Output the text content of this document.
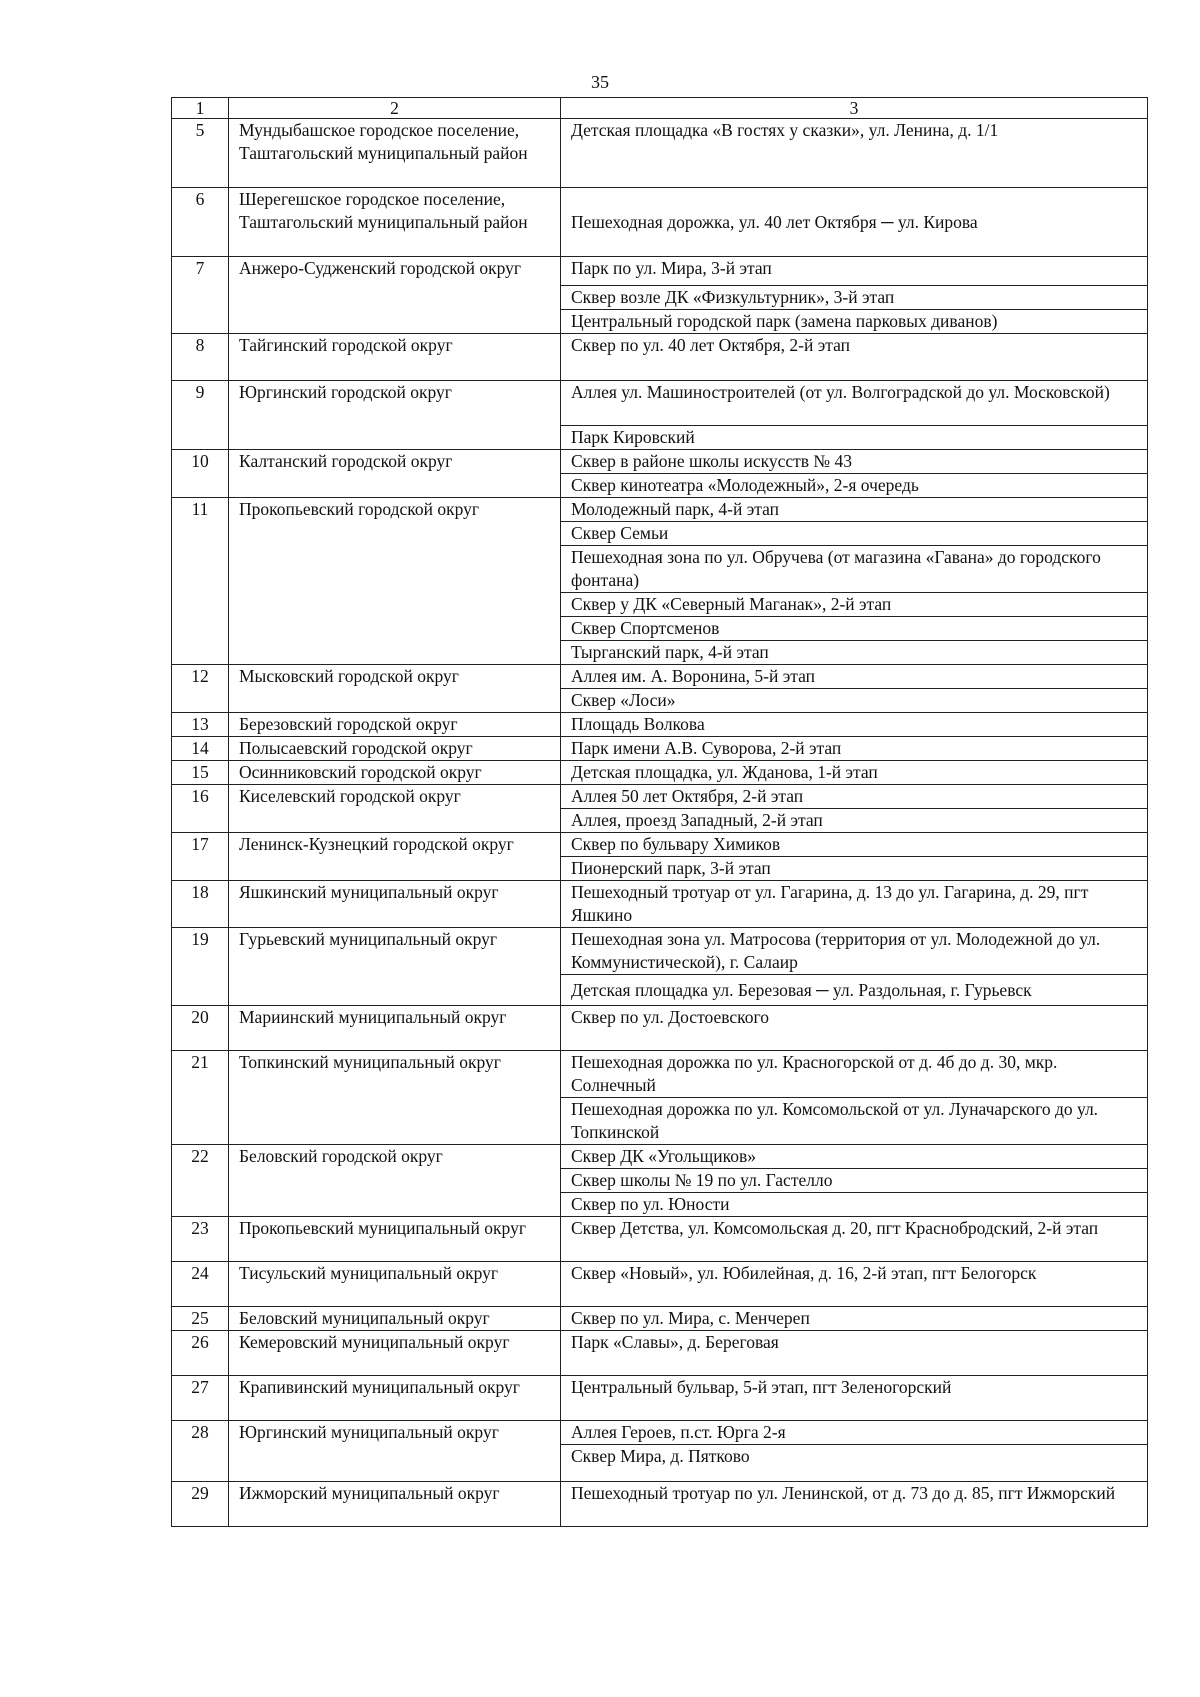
35
1	2	3
5	Мундыбашское городское поселение, Таштагольский муниципальный район	Детская площадка «В гостях у сказки», ул. Ленина, д. 1/1
6	Шерегешское городское поселение, Таштагольский муниципальный район	Пешеходная дорожка, ул. 40 лет Октября ─ ул. Кирова
7	Анжеро-Судженский городской округ	Парк по ул. Мира, 3-й этап
		Сквер возле ДК «Физкультурник», 3-й этап
		Центральный городской парк (замена парковых диванов)
8	Тайгинский городской округ	Сквер по ул. 40 лет Октября, 2-й этап
9	Юргинский городской округ	Аллея ул. Машиностроителей (от ул. Волгоградской до ул. Московской)
		Парк Кировский
10	Калтанский городской округ	Сквер в районе школы искусств № 43
		Сквер кинотеатра «Молодежный», 2-я очередь
11	Прокопьевский городской округ	Молодежный парк, 4-й этап
		Сквер Семьи
		Пешеходная зона по ул. Обручева (от магазина «Гавана» до городского фонтана)
		Сквер у ДК «Северный Маганак», 2-й этап
		Сквер Спортсменов
		Тырганский парк, 4-й этап
12	Мысковский городской округ	Аллея им. А. Воронина, 5-й этап
		Сквер «Лоси»
13	Березовский городской округ	Площадь Волкова
14	Полысаевский городской округ	Парк имени А.В. Суворова, 2-й этап
15	Осинниковский городской округ	Детская площадка, ул. Жданова, 1-й этап
16	Киселевский городской округ	Аллея 50 лет Октября, 2-й этап
		Аллея, проезд Западный, 2-й этап
17	Ленинск-Кузнецкий городской округ	Сквер по бульвару Химиков
		Пионерский парк, 3-й этап
18	Яшкинский муниципальный округ	Пешеходный тротуар от ул. Гагарина, д. 13 до ул. Гагарина, д. 29, пгт Яшкино
19	Гурьевский муниципальный округ	Пешеходная зона ул. Матросова (территория от ул. Молодежной до ул. Коммунистической), г. Салаир
		Детская площадка ул. Березовая ─ ул. Раздольная, г. Гурьевск
20	Мариинский муниципальный округ	Сквер по ул. Достоевского
21	Топкинский муниципальный округ	Пешеходная дорожка по ул. Красногорской от д. 4б до д. 30, мкр. Солнечный
		Пешеходная дорожка по ул. Комсомольской от ул. Луначарского до ул. Топкинской
22	Беловский городской округ	Сквер ДК «Угольщиков»
		Сквер школы № 19 по ул. Гастелло
		Сквер по ул. Юности
23	Прокопьевский муниципальный округ	Сквер Детства, ул. Комсомольская д. 20, пгт Краснобродский, 2-й этап
24	Тисульский муниципальный округ	Сквер «Новый», ул. Юбилейная, д. 16, 2-й этап, пгт Белогорск
25	Беловский муниципальный округ	Сквер по ул. Мира, с. Менчереп
26	Кемеровский муниципальный округ	Парк «Славы», д. Береговая
27	Крапивинский муниципальный округ	Центральный бульвар, 5-й этап, пгт Зеленогорский
28	Юргинский муниципальный округ	Аллея Героев, п.ст. Юрга 2-я
		Сквер Мира, д. Пятково
29	Ижморский муниципальный округ	Пешеходный тротуар по ул. Ленинской, от д. 73 до д. 85, пгт Ижморский
